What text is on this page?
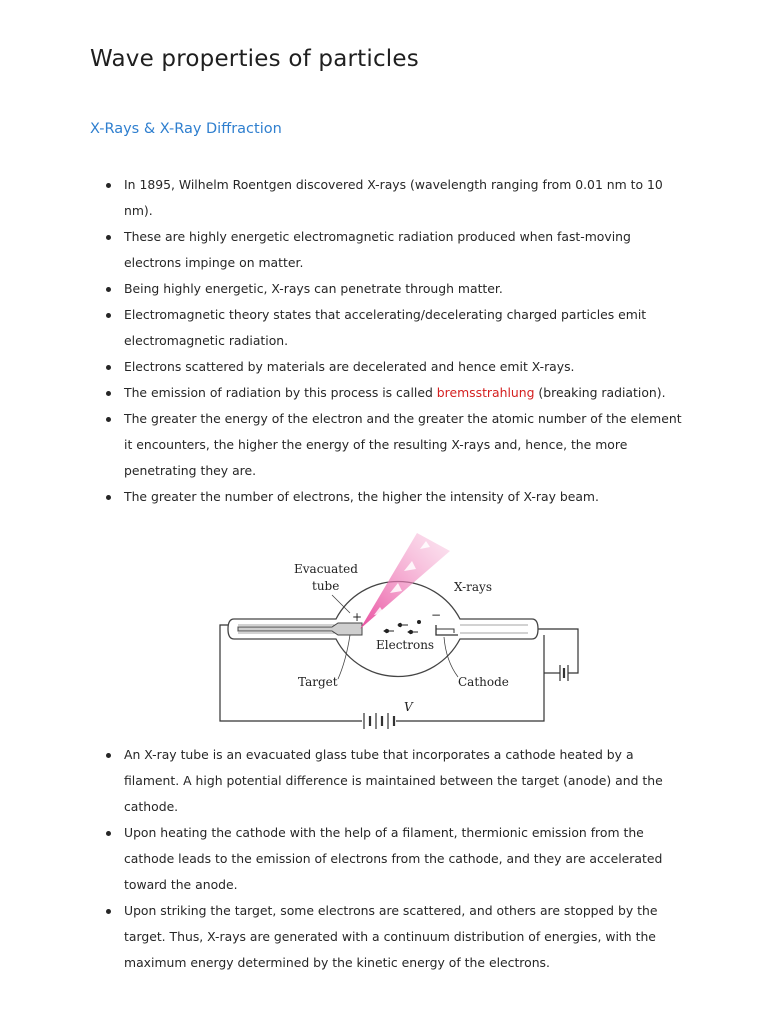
Wave properties of particles
X-Rays & X-Ray Diffraction
In 1895, Wilhelm Roentgen discovered X-rays (wavelength ranging from 0.01 nm to 10 nm).
These are highly energetic electromagnetic radiation produced when fast-moving electrons impinge on matter.
Being highly energetic, X-rays can penetrate through matter.
Electromagnetic theory states that accelerating/decelerating charged particles emit electromagnetic radiation.
Electrons scattered by materials are decelerated and hence emit X-rays.
The emission of radiation by this process is called bremsstrahlung (breaking radiation).
The greater the energy of the electron and the greater the atomic number of the element it encounters, the higher the energy of the resulting X-rays and, hence, the more penetrating they are.
The greater the number of electrons, the higher the intensity of X-ray beam.
V
+	−
Evacuated
tube	X-rays
Electrons
Target	Cathode
An X-ray tube is an evacuated glass tube that incorporates a cathode heated by a filament. A high potential difference is maintained between the target (anode) and the cathode.
Upon heating the cathode with the help of a filament, thermionic emission from the cathode leads to the emission of electrons from the cathode, and they are accelerated toward the anode.
Upon striking the target, some electrons are scattered, and others are stopped by the target. Thus, X-rays are generated with a continuum distribution of energies, with the maximum energy determined by the kinetic energy of the electrons.
